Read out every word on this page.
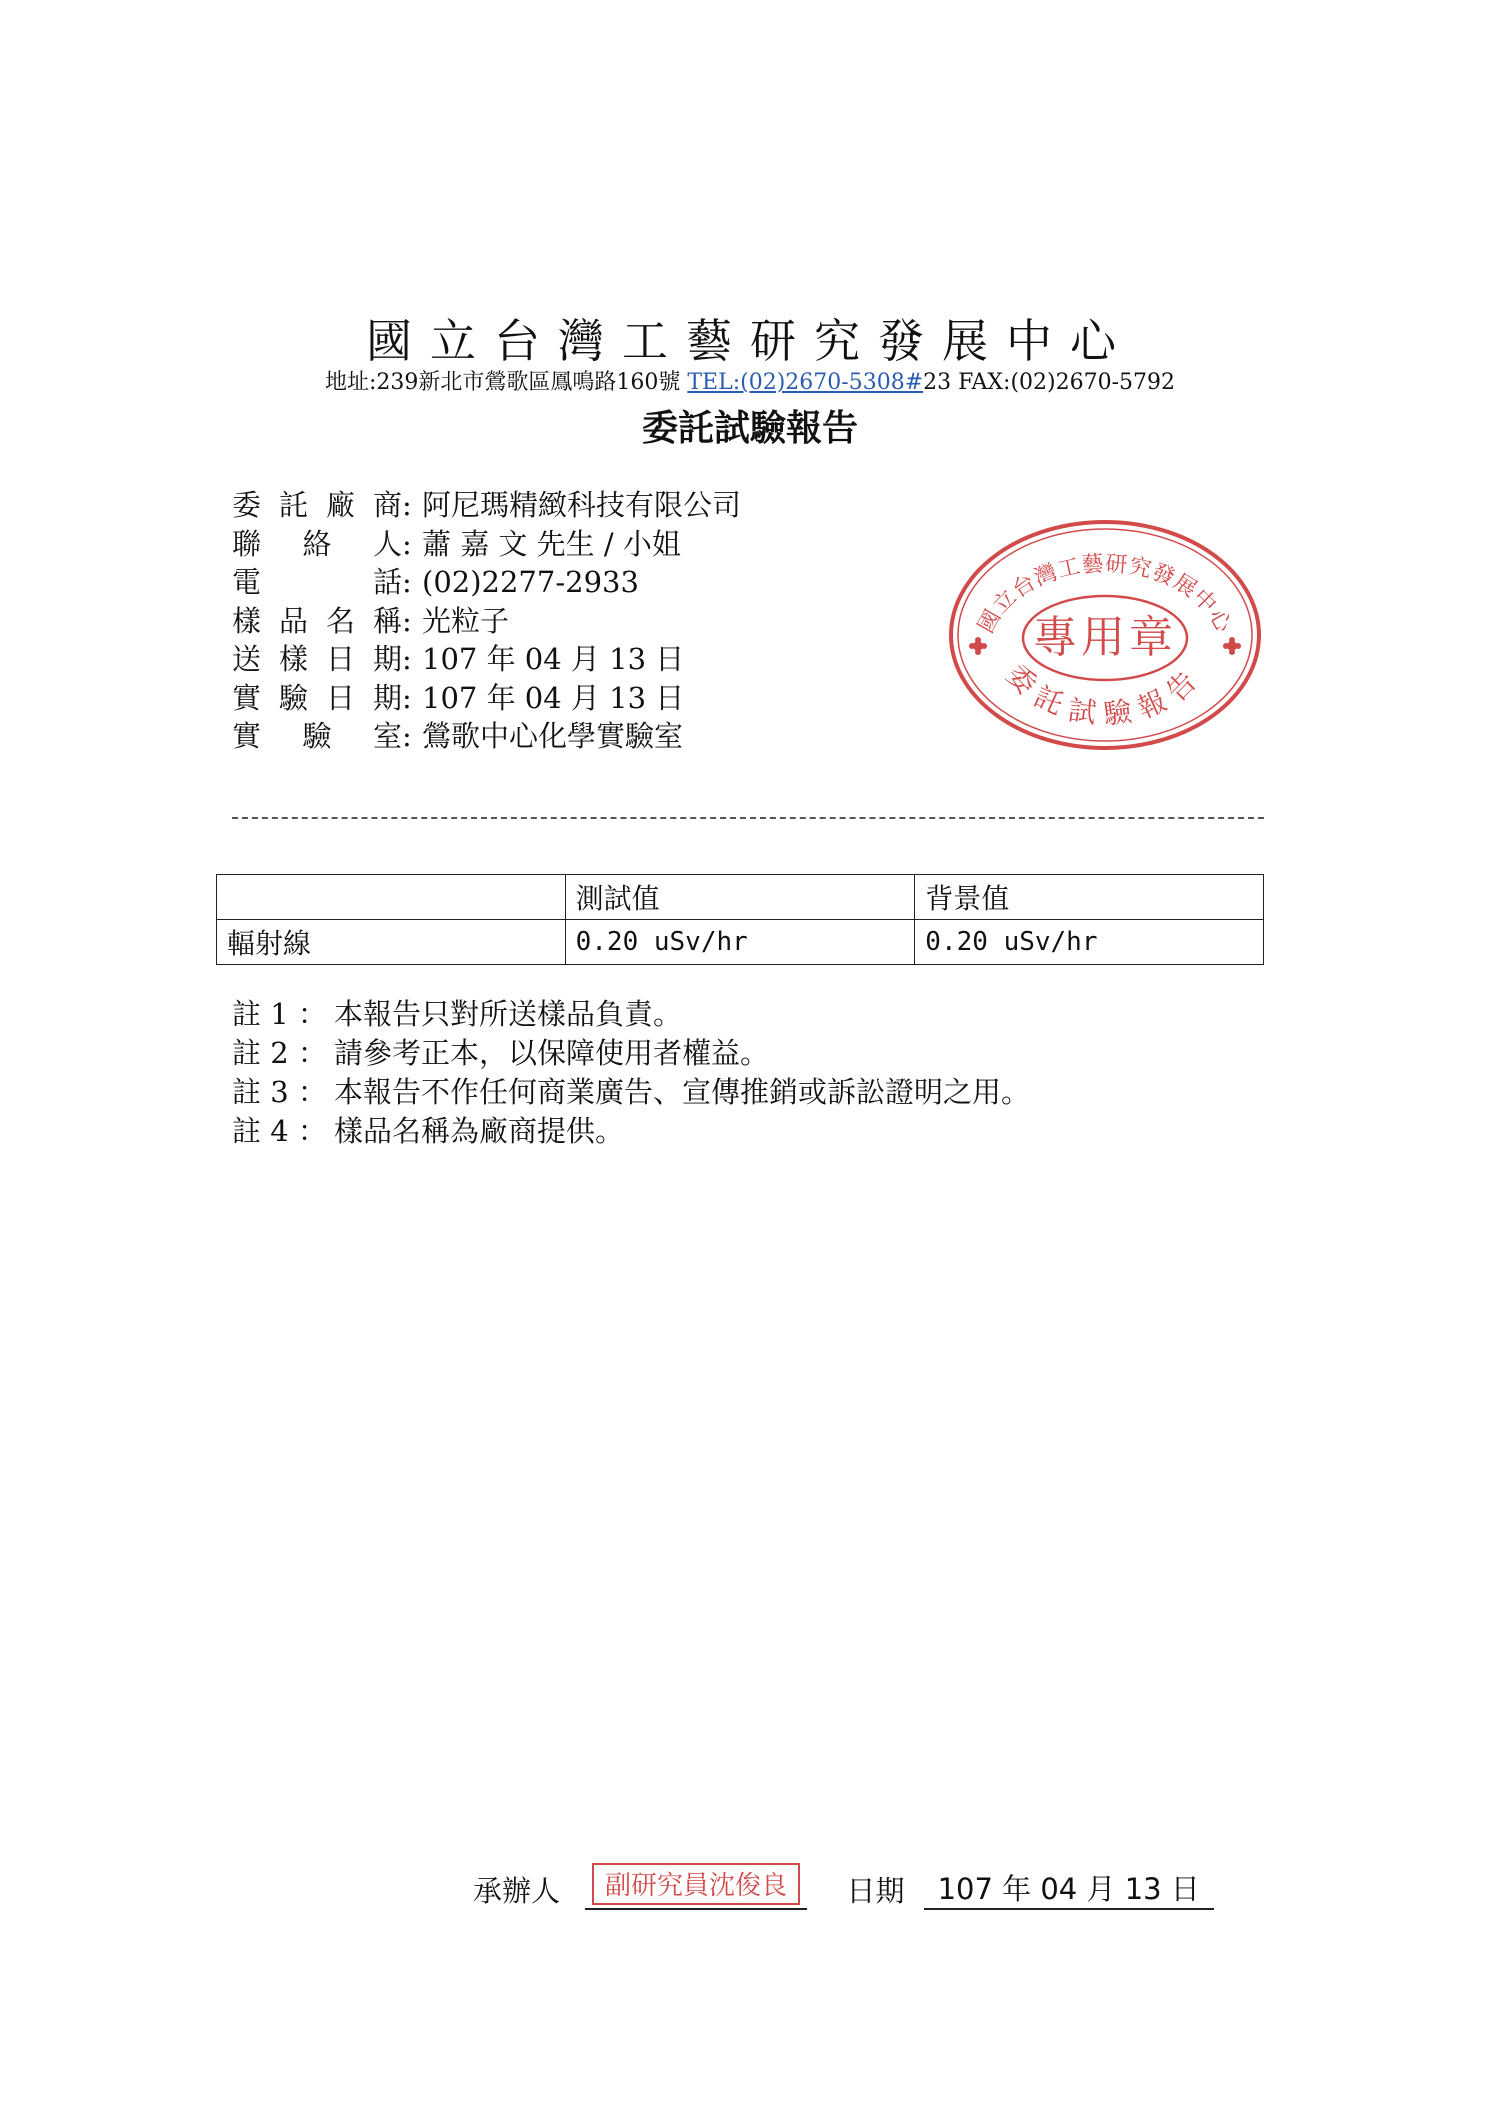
國立台灣工藝研究發展中心
地址:239新北市鶯歌區鳳鳴路160號 TEL:(02)2670-5308#23 FAX:(02)2670-5792
委託試驗報告
委 託 廠 商 : 阿尼瑪精緻科技有限公司
聯 絡 人 : 蕭 嘉 文 先生 / 小姐
電	話 : (02)2277-2933
樣 品 名 稱 : 光粒子
送 樣 日 期 : 107 年 04 月 13 日
實 驗 日 期 : 107 年 04 月 13 日
實 驗 室 : 鶯歌中心化學實驗室
國立台灣工藝研究發展中心
專用章
委託試驗報告
	測試值	背景值
輻射線	0.20 uSv/hr	0.20 uSv/hr
註 1 ： 本報告只對所送樣品負責。
註 2 ： 請參考正本，以保障使用者權益。
註 3 ： 本報告不作任何商業廣告、宣傳推銷或訴訟證明之用。
註 4 ： 樣品名稱為廠商提供。
承辦人 副研究員沈俊良 日期 107 年 04 月 13 日
